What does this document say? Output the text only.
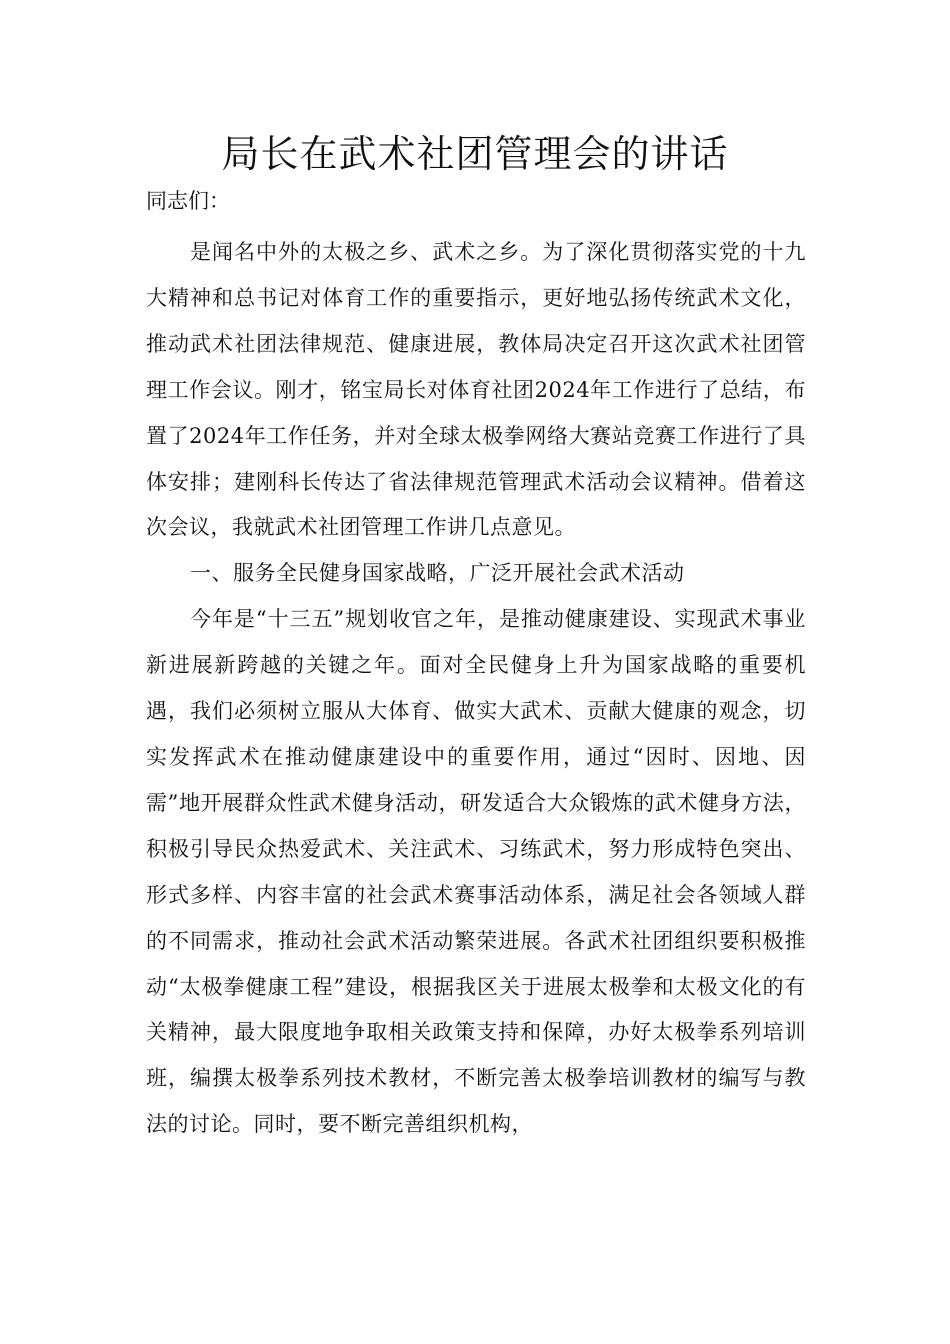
局长在武术社团管理会的讲话

同志们：

是闻名中外的太极之乡、武术之乡。为了深化贯彻落实党的十九大精神和总书记对体育工作的重要指示，更好地弘扬传统武术文化，推动武术社团法律规范、健康进展，教体局决定召开这次武术社团管理工作会议。刚才，铭宝局长对体育社团2024年工作进行了总结，布置了2024年工作任务，并对全球太极拳网络大赛站竞赛工作进行了具体安排；建刚科长传达了省法律规范管理武术活动会议精神。借着这次会议，我就武术社团管理工作讲几点意见。

一、服务全民健身国家战略，广泛开展社会武术活动

今年是“十三五”规划收官之年，是推动健康建设、实现武术事业新进展新跨越的关键之年。面对全民健身上升为国家战略的重要机遇，我们必须树立服从大体育、做实大武术、贡献大健康的观念，切实发挥武术在推动健康建设中的重要作用，通过“因时、因地、因需”地开展群众性武术健身活动，研发适合大众锻炼的武术健身方法，积极引导民众热爱武术、关注武术、习练武术，努力形成特色突出、形式多样、内容丰富的社会武术赛事活动体系，满足社会各领域人群的不同需求，推动社会武术活动繁荣进展。各武术社团组织要积极推动“太极拳健康工程”建设，根据我区关于进展太极拳和太极文化的有关精神，最大限度地争取相关政策支持和保障，办好太极拳系列培训班，编撰太极拳系列技术教材，不断完善太极拳培训教材的编写与教法的讨论。同时，要不断完善组织机构，
